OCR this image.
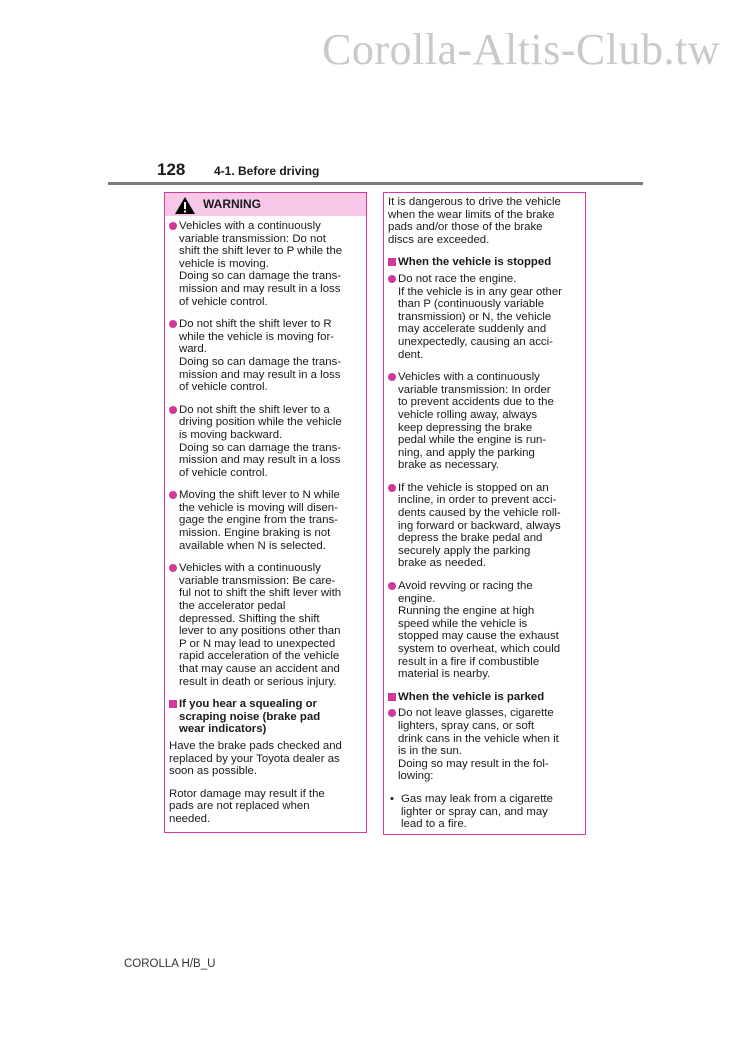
Corolla-Altis-Club.tw
128 4-1. Before driving
WARNING
Vehicles with a continuously
variable transmission: Do not
shift the shift lever to P while the
vehicle is moving.
Doing so can damage the trans-
mission and may result in a loss
of vehicle control.
Do not shift the shift lever to R
while the vehicle is moving for-
ward.
Doing so can damage the trans-
mission and may result in a loss
of vehicle control.
Do not shift the shift lever to a
driving position while the vehicle
is moving backward.
Doing so can damage the trans-
mission and may result in a loss
of vehicle control.
Moving the shift lever to N while
the vehicle is moving will disen-
gage the engine from the trans-
mission. Engine braking is not
available when N is selected.
Vehicles with a continuously
variable transmission: Be care-
ful not to shift the shift lever with
the accelerator pedal
depressed. Shifting the shift
lever to any positions other than
P or N may lead to unexpected
rapid acceleration of the vehicle
that may cause an accident and
result in death or serious injury.
If you hear a squealing or
scraping noise (brake pad
wear indicators)
Have the brake pads checked and
replaced by your Toyota dealer as
soon as possible.
Rotor damage may result if the
pads are not replaced when
needed.
It is dangerous to drive the vehicle
when the wear limits of the brake
pads and/or those of the brake
discs are exceeded.
When the vehicle is stopped
Do not race the engine.
If the vehicle is in any gear other
than P (continuously variable
transmission) or N, the vehicle
may accelerate suddenly and
unexpectedly, causing an acci-
dent.
Vehicles with a continuously
variable transmission: In order
to prevent accidents due to the
vehicle rolling away, always
keep depressing the brake
pedal while the engine is run-
ning, and apply the parking
brake as necessary.
If the vehicle is stopped on an
incline, in order to prevent acci-
dents caused by the vehicle roll-
ing forward or backward, always
depress the brake pedal and
securely apply the parking
brake as needed.
Avoid revving or racing the
engine.
Running the engine at high
speed while the vehicle is
stopped may cause the exhaust
system to overheat, which could
result in a fire if combustible
material is nearby.
When the vehicle is parked
Do not leave glasses, cigarette
lighters, spray cans, or soft
drink cans in the vehicle when it
is in the sun.
Doing so may result in the fol-
lowing:
• Gas may leak from a cigarette
lighter or spray can, and may
lead to a fire.
COROLLA H/B_U
